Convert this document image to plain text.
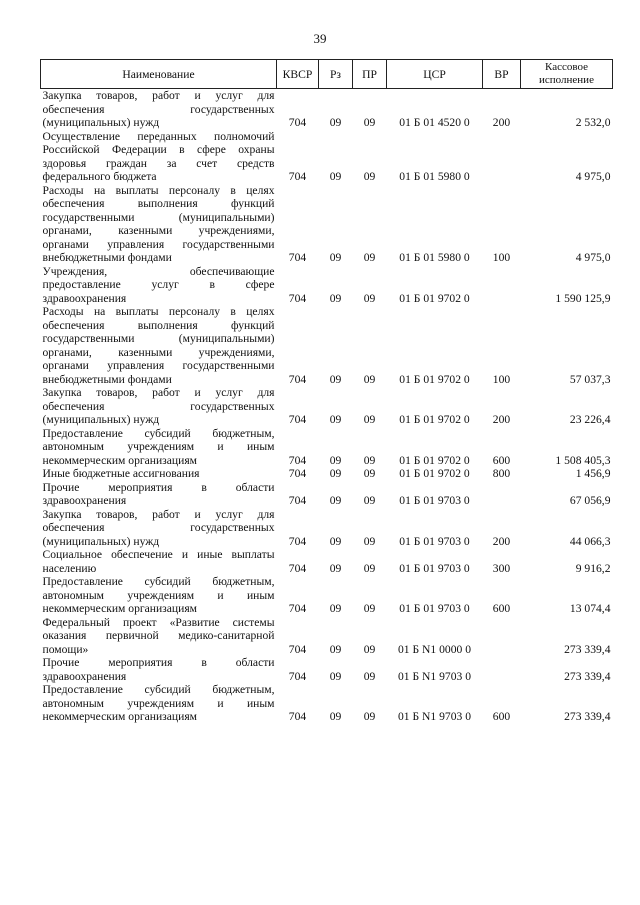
39
Наименование	КВСР	Рз	ПР	ЦСР	ВР	Кассовое исполнение
Закупка товаров, работ и услуг для обеспечения государственных (муниципальных) нужд	704	09	09	01 Б 01 4520 0	200	2 532,0
Осуществление переданных полномочий Российской Федерации в сфере охраны здоровья граждан за счет средств федерального бюджета	704	09	09	01 Б 01 5980 0		4 975,0
Расходы на выплаты персоналу в целях обеспечения выполнения функций государственными (муниципальными) органами, казенными учреждениями, органами управления государственными внебюджетными фондами	704	09	09	01 Б 01 5980 0	100	4 975,0
Учреждения, обеспечивающие предоставление услуг в сфере здравоохранения	704	09	09	01 Б 01 9702 0		1 590 125,9
Расходы на выплаты персоналу в целях обеспечения выполнения функций государственными (муниципальными) органами, казенными учреждениями, органами управления государственными внебюджетными фондами	704	09	09	01 Б 01 9702 0	100	57 037,3
Закупка товаров, работ и услуг для обеспечения государственных (муниципальных) нужд	704	09	09	01 Б 01 9702 0	200	23 226,4
Предоставление субсидий бюджетным, автономным учреждениям и иным некоммерческим организациям	704	09	09	01 Б 01 9702 0	600	1 508 405,3
Иные бюджетные ассигнования	704	09	09	01 Б 01 9702 0	800	1 456,9
Прочие мероприятия в области здравоохранения	704	09	09	01 Б 01 9703 0		67 056,9
Закупка товаров, работ и услуг для обеспечения государственных (муниципальных) нужд	704	09	09	01 Б 01 9703 0	200	44 066,3
Социальное обеспечение и иные выплаты населению	704	09	09	01 Б 01 9703 0	300	9 916,2
Предоставление субсидий бюджетным, автономным учреждениям и иным некоммерческим организациям	704	09	09	01 Б 01 9703 0	600	13 074,4
Федеральный проект «Развитие системы оказания первичной медико-санитарной помощи»	704	09	09	01 Б N1 0000 0		273 339,4
Прочие мероприятия в области здравоохранения	704	09	09	01 Б N1 9703 0		273 339,4
Предоставление субсидий бюджетным, автономным учреждениям и иным некоммерческим организациям	704	09	09	01 Б N1 9703 0	600	273 339,4
